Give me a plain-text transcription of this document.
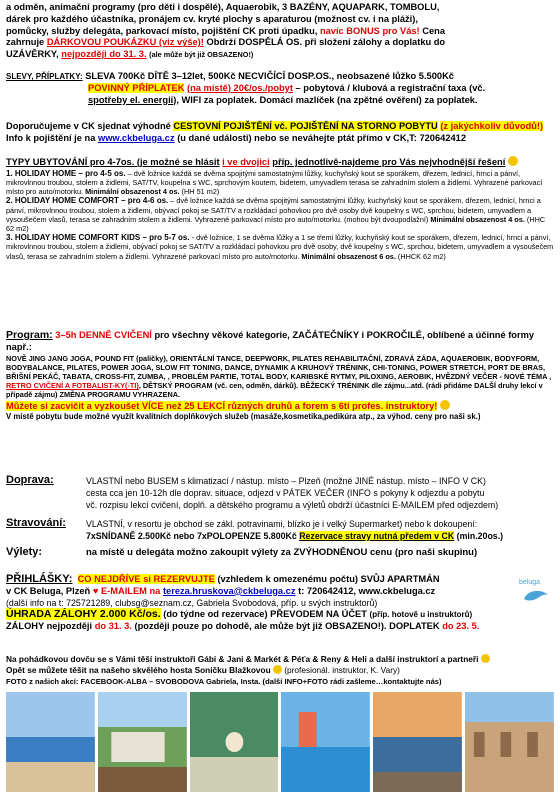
a odměn, animační programy (pro děti i dospělé), Aquaerobik, 3 BAZÉNY, AQUAPARK, TOMBOLU,

dárek pro každého účastníka, pronájem cv. kryté plochy s aparaturou (možnost cv. i na pláži),

pomůcky, služby delegáta, parkovací místo, pojištění CK proti úpadku, navíc BONUS pro Vás! Cena

zahrnuje DÁRKOVOU POUKÁZKU (viz výše)! Obdrží DOSPĚLÁ OS. při složení zálohy a doplatku do

UZÁVĚRKY, nejpozději do 31. 3. (ale může být již OBSAZENO!)

SLEVY, PŘÍPLATKY: SLEVA 700Kč DÍTĚ 3–12let, 500Kč NECVIČÍCÍ DOSP.OS., neobsazené lůžko 5.500Kč

POVINNÝ PŘÍPLATEK (na místě) 20€/os./pobyt – pobytová / klubová a registrační taxa (vč.

spotřeby el. energii), WIFI za poplatek. Domácí mazlíček (na zpětné ověření) za poplatek.

Doporučujeme v CK sjednat výhodné CESTOVNÍ POJIŠTĚNÍ vč. POJIŠTĚNÍ NA STORNO POBYTU (z jakýchkoliv důvodů!) Info k pojištění je na www.ckbeluga.cz (u dané události) nebo se neváhejte ptát přímo v CK,T: 720642412

TYPY UBYTOVÁNÍ pro 4-7os. (je možné se hlásit i ve dvojici příp. jednotlivě-najdeme pro Vás nejvhodnější řešení

1. HOLIDAY HOME – pro 4-5 os. – dvě ložnice každá se dvěma spojitými samostatnými lůžky, kuchyňský kout se sporákem, dřezem, lednicí, hrnci a pánví, mikrovlnnou troubou, stolem a židlemi, SAT/TV, koupelna s WC, sprchovým koutem, bidetem, umyvadlem terasa se zahradním stolem a židlemi. Vyhrazené parkovací místo pro auto/motorku. Minimální obsazenost 4 os. (HH 51 m2)

2. HOLIDAY HOME COMFORT – pro 4-6 os. – dvě ložnice každá se dvěma spojitými samostatnými lůžky, kuchyňský kout se sporákem, dřezem, lednicí, hrnci a pánví, mikrovlnnou troubou, stolem a židlemi, obývací pokoj se SAT/TV a rozkládací pohovkou pro dvě osoby dvě koupelny s WC, sprchou, bidetem, umyvadlem a vysoušečem vlasů, terasa se zahradním stolem a židlemi. Vyhrazené parkovací místo pro auto/motorku. (mohou být dvoupodlažní) Minimální obsazenost 4 os. (HHC 62 m2)

3. HOLIDAY HOME COMFORT KIDS – pro 5-7 os. - dvě ložnice, 1 se dvěma lůžky a 1 se třemi lůžky, kuchyňský kout se sporákem, dřezem, lednicí, hrnci a pánví, mikrovlnnou troubou, stolem a židlemi, obývací pokoj se SAT/TV a rozkládací pohovkou pro dvě osoby, dvě koupelny s WC, sprchou, bidetem, umyvadlem a vysoušečem vlasů, terasa se zahradním stolem a židlemi. Vyhrazené parkovací místo pro auto/motorku. Minimální obsazenost 6 os. (HHCK 62 m2)

Program: 3–5h DENNĚ CVIČENÍ pro všechny věkové kategorie, ZAČÁTEČNÍKY i POKROČILÉ, oblíbené a účinné formy např.:

NOVĚ JING JANG JOGA, POUND FIT (paličky), ORIENTÁLNÍ TANCE, DEEPWORK, PILATES REHABILITAČNÍ, ZDRAVÁ ZÁDA, AQUAEROBIK, BODYFORM, BODYBALANCE, PILATES, POWER JOGA, SLOW FIT TONING, DANCE, DYNAMIK A KRUHOVÝ TRÉNINK, CHI-TONING, POWER STRETCH, PORT DE BRAS, BŘIŠNÍ PEKÁČ, TABATA, CROSS-FIT, ZUMBA, , PROBLÉM PARTIE, TOTAL BODY, KARIBSKÉ RYTMY, PILOXING, AEROBIK, HVĚZDNÝ VEČER - NOVÉ TÉMA , RETRO CVIČENÍ A FOTBALIST-KY(-TI), DĚTSKÝ PROGRAM (vč. cen, odměn, dárků). BĚŽECKÝ TRÉNINK dle zájmu...atd. (rádi přidáme DALŠÍ druhy lekcí v případě zájmu) ZMĚNA PROGRAMU VYHRAZENA.

Můžete si zacvičit a vyzkoušet VÍCE než 25 LEKCÍ různých druhů a forem s 6ti profes. instruktory!

V místě pobytu bude možné využít kvalitních doplňkových služeb (masáže,kosmetika,pedikúra atp., za výhod. ceny pro naši sk.)

Doprava:	VLASTNÍ nebo BUSEM s klimatizací / nástup. místo – Plzeň (možné JINÉ nástup. místo – INFO V CK)

cesta cca jen 10-12h dle doprav. situace, odjezd v PÁTEK VEČER (INFO s pokyny k odjezdu a pobytu

vč. rozpisu lekcí cvičení, doplň. a dětského programu a výletů obdrží účastníci E-MAILEM před odjezdem)

Stravování:	VLASTNÍ, v resortu je obchod se zákl. potravinami, blízko je i velký Supermarket) nebo k dokoupení:

7xSNÍDANĚ 2.500Kč nebo 7xPOLOPENZE 5.800Kč Rezervace stravy nutná předem v CK (min.20os.)

Výlety:	na místě u delegáta možno zakoupit výlety za ZVÝHODNĚNOU cenu (pro naši skupinu)

PŘIHLÁŠKY: CO NEJDŘÍVE si REZERVUJTE (vzhledem k omezenému počtu) SVŮJ APARTMÁN

v CK Beluga, Plzeň ♥ E-MAILEM na tereza.hruskova@ckbeluga.cz t: 720642412, www.ckbeluga.cz

(další info na t: 725721289, clubsg@seznam.cz, Gabriela Svobodová, příp. u svých instruktorů)

ÚHRADA ZÁLOHY 2.000 Kč/os. (do týdne od rezervace) PŘEVODEM NA ÚČET (příp. hotově u instruktorů)

ZÁLOHY nejpozději do 31. 3. (později pouze po dohodě, ale může být již OBSAZENO!). DOPLATEK do 23. 5.

beluga

Na pohádkovou dovču se s Vámi těší instruktoři Gábi & Jani & Markét & Péťa & Reny & Heli a další instruktorí a partneři

Opět se můžete těšit na našeho skvělého hosta Soničku Blažkovou (profesionál. instruktor, K. Vary)

FOTO z našich akcí: FACEBOOK-ALBA – SVOBODOVA Gabriela, Insta. (další INFO+FOTO rádi zašleme…kontaktujte nás)
